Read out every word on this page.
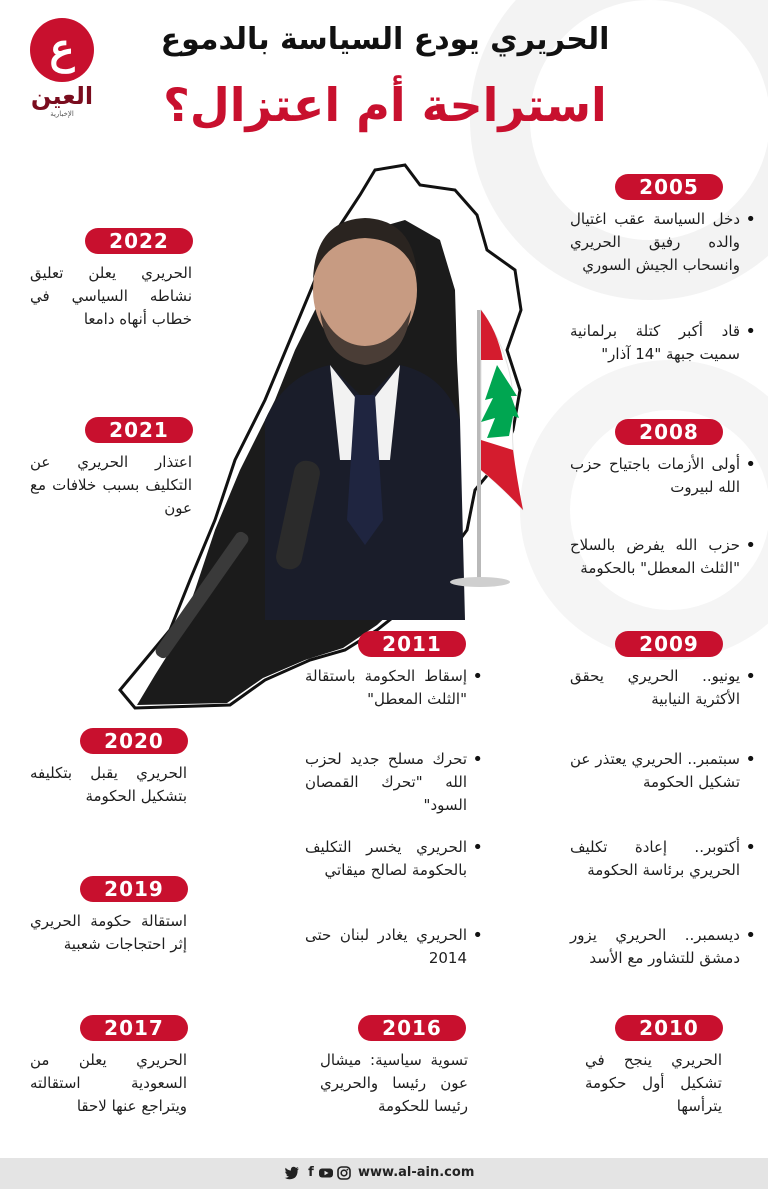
ع
العين
الإخبارية
الحريري يودع السياسة بالدموع
استراحة أم اعتزال؟
2005
• دخل السياسة عقب اغتيال والده رفيق الحريري وانسحاب الجيش السوري
• قاد أكبر كتلة برلمانية سميت جبهة "14 آذار"
2008
• أولى الأزمات باجتياح حزب الله لبيروت
• حزب الله يفرض بالسلاح "الثلث المعطل" بالحكومة
2009
• يونيو.. الحريري يحقق الأكثرية النيابية
• سبتمبر.. الحريري يعتذر عن تشكيل الحكومة
• أكتوبر.. إعادة تكليف الحريري برئاسة الحكومة
• ديسمبر.. الحريري يزور دمشق للتشاور مع الأسد
2010
الحريري ينجح في تشكيل أول حكومة يترأسها
2011
• إسقاط الحكومة باستقالة "الثلث المعطل"
• تحرك مسلح جديد لحزب الله "تحرك القمصان السود"
• الحريري يخسر التكليف بالحكومة لصالح ميقاتي
• الحريري يغادر لبنان حتى 2014
2016
تسوية سياسية: ميشال عون رئيسا والحريري رئيسا للحكومة
2022
الحريري يعلن تعليق نشاطه السياسي في خطاب أنهاه دامعا
2021
اعتذار الحريري عن التكليف بسبب خلافات مع عون
2020
الحريري يقبل بتكليفه بتشكيل الحكومة
2019
استقالة حكومة الحريري إثر احتجاجات شعبية
2017
الحريري يعلن من السعودية استقالته ويتراجع عنها لاحقا
f	www.al-ain.com
